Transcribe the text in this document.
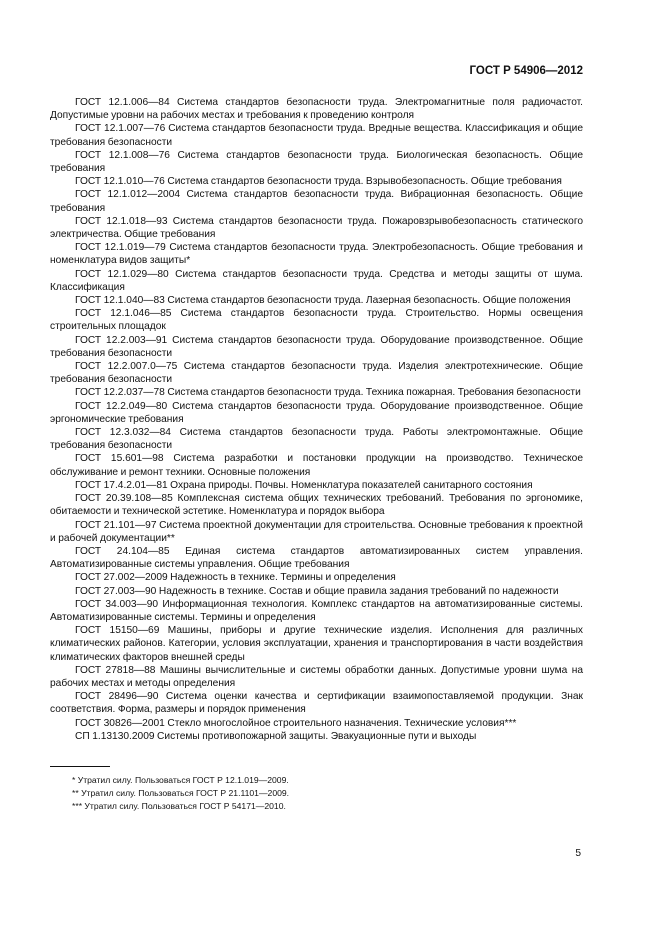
ГОСТ Р 54906—2012

ГОСТ 12.1.006—84 Система стандартов безопасности труда. Электромагнитные поля радиочастот. Допустимые уровни на рабочих местах и требования к проведению контроля

ГОСТ 12.1.007—76 Система стандартов безопасности труда. Вредные вещества. Классификация и общие требования безопасности

ГОСТ 12.1.008—76 Система стандартов безопасности труда. Биологическая безопасность. Общие требования

ГОСТ 12.1.010—76 Система стандартов безопасности труда. Взрывобезопасность. Общие требования

ГОСТ 12.1.012—2004 Система стандартов безопасности труда. Вибрационная безопасность. Общие требования

ГОСТ 12.1.018—93 Система стандартов безопасности труда. Пожаровзрывобезопасность статического электричества. Общие требования

ГОСТ 12.1.019—79 Система стандартов безопасности труда. Электробезопасность. Общие требования и номенклатура видов защиты*

ГОСТ 12.1.029—80 Система стандартов безопасности труда. Средства и методы защиты от шума. Классификация

ГОСТ 12.1.040—83 Система стандартов безопасности труда. Лазерная безопасность. Общие положения

ГОСТ 12.1.046—85 Система стандартов безопасности труда. Строительство. Нормы освещения строительных площадок

ГОСТ 12.2.003—91 Система стандартов безопасности труда. Оборудование производственное. Общие требования безопасности

ГОСТ 12.2.007.0—75 Система стандартов безопасности труда. Изделия электротехнические. Общие требования безопасности

ГОСТ 12.2.037—78 Система стандартов безопасности труда. Техника пожарная. Требования безопасности

ГОСТ 12.2.049—80 Система стандартов безопасности труда. Оборудование производственное. Общие эргономические требования

ГОСТ 12.3.032—84 Система стандартов безопасности труда. Работы электромонтажные. Общие требования безопасности

ГОСТ 15.601—98 Система разработки и постановки продукции на производство. Техническое обслуживание и ремонт техники. Основные положения

ГОСТ 17.4.2.01—81 Охрана природы. Почвы. Номенклатура показателей санитарного состояния

ГОСТ 20.39.108—85 Комплексная система общих технических требований. Требования по эргономике, обитаемости и технической эстетике. Номенклатура и порядок выбора

ГОСТ 21.101—97 Система проектной документации для строительства. Основные требования к проектной и рабочей документации**

ГОСТ 24.104—85 Единая система стандартов автоматизированных систем управления. Автоматизированные системы управления. Общие требования

ГОСТ 27.002—2009 Надежность в технике. Термины и определения

ГОСТ 27.003—90 Надежность в технике. Состав и общие правила задания требований по надежности

ГОСТ 34.003—90 Информационная технология. Комплекс стандартов на автоматизированные системы. Автоматизированные системы. Термины и определения

ГОСТ 15150—69 Машины, приборы и другие технические изделия. Исполнения для различных климатических районов. Категории, условия эксплуатации, хранения и транспортирования в части воздействия климатических факторов внешней среды

ГОСТ 27818—88 Машины вычислительные и системы обработки данных. Допустимые уровни шума на рабочих местах и методы определения

ГОСТ 28496—90 Система оценки качества и сертификации взаимопоставляемой продукции. Знак соответствия. Форма, размеры и порядок применения

ГОСТ 30826—2001 Стекло многослойное строительного назначения. Технические условия***

СП 1.13130.2009 Системы противопожарной защиты. Эвакуационные пути и выходы

* Утратил силу. Пользоваться ГОСТ Р 12.1.019—2009.

** Утратил силу. Пользоваться ГОСТ Р 21.1101—2009.

*** Утратил силу. Пользоваться ГОСТ Р 54171—2010.

5
